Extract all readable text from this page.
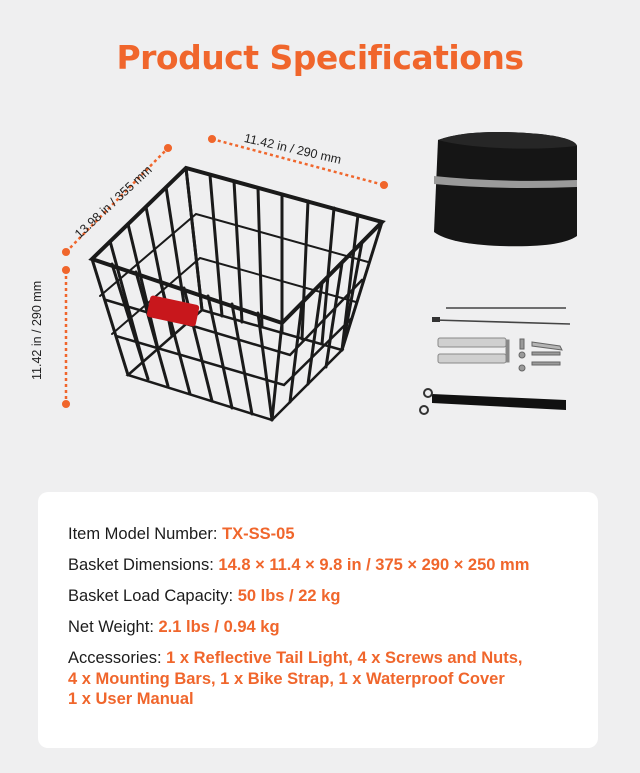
Product Specifications
11.42 in / 290 mm
13.98 in / 355 mm
11.42 in / 290 mm
Item Model Number: TX-SS-05
Basket Dimensions: 14.8 × 11.4 × 9.8 in / 375 × 290 × 250 mm
Basket Load Capacity: 50 lbs / 22 kg
Net Weight: 2.1 lbs / 0.94 kg
Accessories: 1 x Reflective Tail Light, 4 x Screws and Nuts,
4 x Mounting Bars, 1 x Bike Strap, 1 x Waterproof Cover
1 x User Manual
